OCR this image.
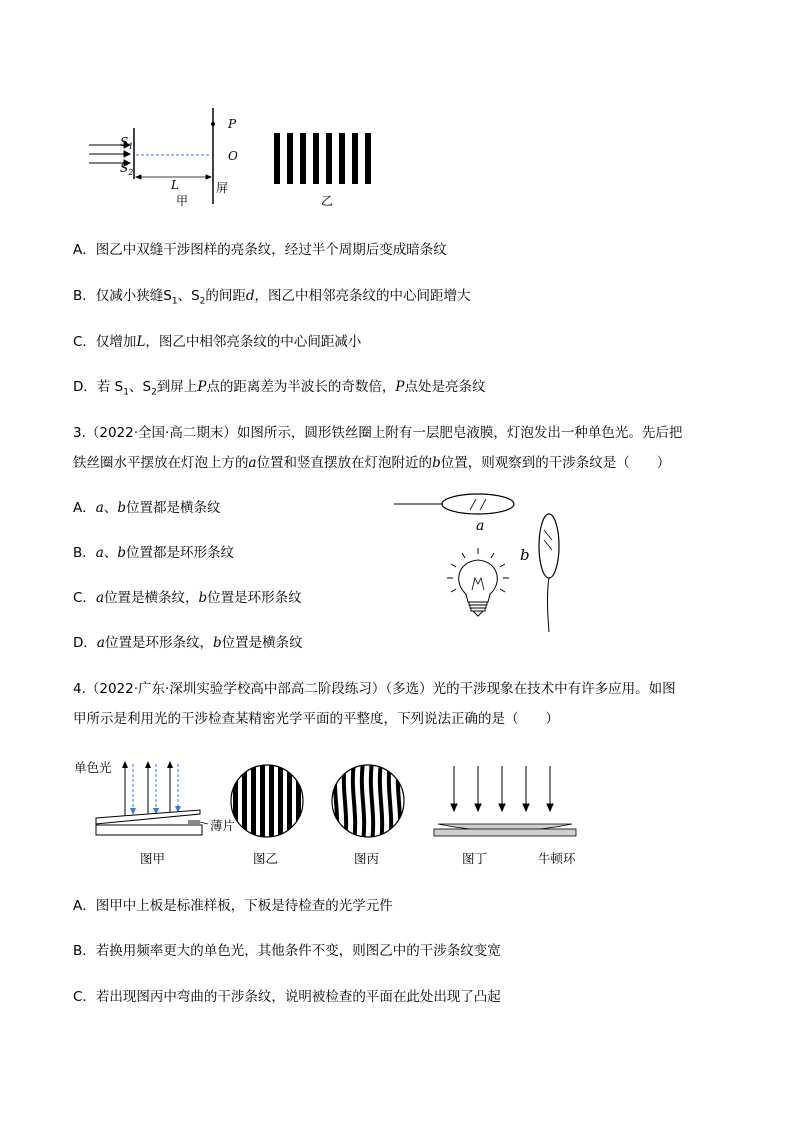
$S_1$
$S_2$
P
O
L	屏
甲	乙
A．图乙中双缝干涉图样的亮条纹，经过半个周期后变成暗条纹
B．仅减小狭缝$S_1$、$S_2$的间距d，图乙中相邻亮条纹的中心间距增大
C．仅增加L，图乙中相邻亮条纹的中心间距减小
D．若 $S_1$、$S_2$到屏上P点的距离差为半波长的奇数倍，P点处是亮条纹
3.（2022·全国·高二期末）如图所示，圆形铁丝圈上附有一层肥皂液膜，灯泡发出一种单色光。先后把
铁丝圈水平摆放在灯泡上方的a位置和竖直摆放在灯泡附近的b位置，则观察到的干涉条纹是（　　）
A．a、b位置都是横条纹
B．a、b位置都是环形条纹
C．a位置是横条纹，b位置是环形条纹
D．a位置是环形条纹，b位置是横条纹
a
b
4.（2022·广东·深圳实验学校高中部高二阶段练习）（多选）光的干涉现象在技术中有许多应用。如图
甲所示是利用光的干涉检查某精密光学平面的平整度，下列说法正确的是（　　）
单色光
薄片
图甲	图乙	图丙	图丁	牛顿环
A．图甲中上板是标准样板，下板是待检查的光学元件
B．若换用频率更大的单色光，其他条件不变，则图乙中的干涉条纹变宽
C．若出现图丙中弯曲的干涉条纹，说明被检查的平面在此处出现了凸起
